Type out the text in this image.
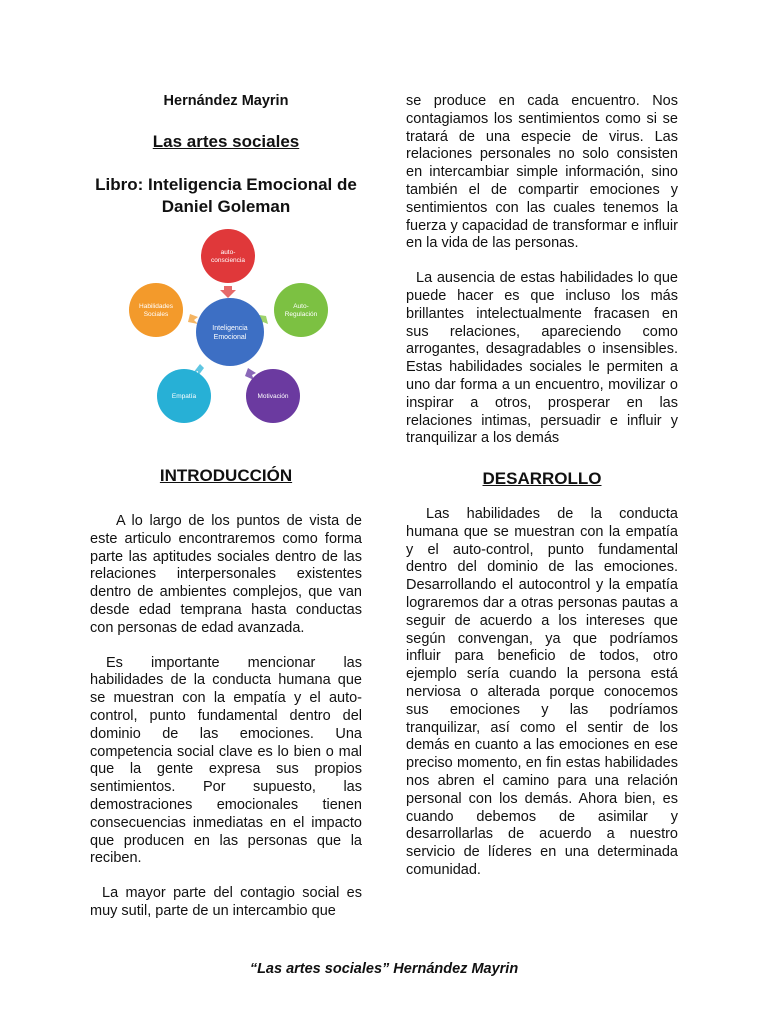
Hernández Mayrin
Las artes sociales
Libro: Inteligencia Emocional de Daniel Goleman
auto-consciencia
Auto-Regulación
Motivación
Empatía
Habilidades Sociales
Inteligencia Emocional
INTRODUCCIÓN

A lo largo de los puntos de vista de este articulo encontraremos como forma parte las aptitudes sociales dentro de las relaciones interpersonales existentes dentro de ambientes complejos, que van desde edad temprana hasta conductas con personas de edad avanzada.

Es importante mencionar las habilidades de la conducta humana que se muestran con la empatía y el auto-control, punto fundamental dentro del dominio de las emociones. Una competencia social clave es lo bien o mal que la gente expresa sus propios sentimientos. Por supuesto, las demostraciones emocionales tienen consecuencias inmediatas en el impacto que producen en las personas que la reciben.

La mayor parte del contagio social es muy sutil, parte de un intercambio que

se produce en cada encuentro. Nos contagiamos los sentimientos como si se tratará de una especie de virus. Las relaciones personales no solo consisten en intercambiar simple información, sino también el de compartir emociones y sentimientos con las cuales tenemos la fuerza y capacidad de transformar e influir en la vida de las personas.

La ausencia de estas habilidades lo que puede hacer es que incluso los más brillantes intelectualmente fracasen en sus relaciones, apareciendo como arrogantes, desagradables o insensibles. Estas habilidades sociales le permiten a uno dar forma a un encuentro, movilizar o inspirar a otros, prosperar en las relaciones intimas, persuadir e influir y tranquilizar a los demás

DESARROLLO

Las habilidades de la conducta humana que se muestran con la empatía y el auto-control, punto fundamental dentro del dominio de las emociones. Desarrollando el autocontrol y la empatía lograremos dar a otras personas pautas a seguir de acuerdo a los intereses que según convengan, ya que podríamos influir para beneficio de todos, otro ejemplo sería cuando la persona está nerviosa o alterada porque conocemos sus emociones y las podríamos tranquilizar, así como el sentir de los demás en cuanto a las emociones en ese preciso momento, en fin estas habilidades nos abren el camino para una relación personal con los demás. Ahora bien, es cuando debemos de asimilar y desarrollarlas de acuerdo a nuestro servicio de líderes en una determinada comunidad.

“Las artes sociales” Hernández Mayrin
